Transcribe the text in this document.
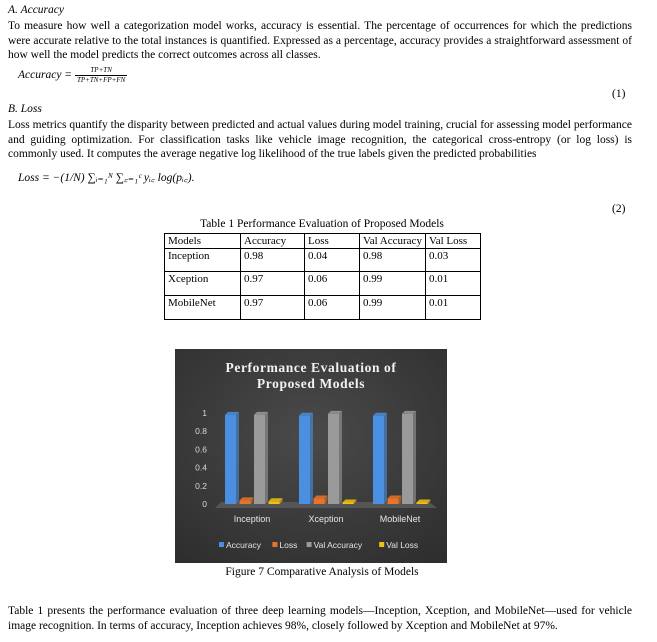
A. Accuracy
To measure how well a categorization model works, accuracy is essential. The percentage of occurrences for which the predictions were accurate relative to the total instances is quantified. Expressed as a percentage, accuracy provides a straightforward assessment of how well the model predicts the correct outcomes across all classes.
Accuracy = $\frac{TP+TN}{TP+TN+FP+FN}$
(1)
B. Loss
Loss metrics quantify the disparity between predicted and actual values during model training, crucial for assessing model performance and guiding optimization. For classification tasks like vehicle image recognition, the categorical cross-entropy (or log loss) is commonly used. It computes the average negative log likelihood of the true labels given the predicted probabilities
Loss = −(1/N) ∑ᵢ₌₁ᴺ ∑꜀₌₁ᶜ yᵢ꜀ log(pᵢ꜀).
(2)
Table 1 Performance Evaluation of Proposed Models
Models	Accuracy	Loss	Val Accuracy	Val Loss
Inception	0.98	0.04	0.98	0.03
Xception	0.97	0.06	0.99	0.01
MobileNet	0.97	0.06	0.99	0.01
Performance Evaluation of
Proposed Models
0
0.2
0.4
0.6
0.8
1
Inception	Xception	MobileNet
Accuracy Loss Val Accuracy	Val Loss
Figure 7 Comparative Analysis of Models
Table 1 presents the performance evaluation of three deep learning models—Inception, Xception, and MobileNet—used for vehicle image recognition. In terms of accuracy, Inception achieves 98%, closely followed by Xception and MobileNet at 97%.
